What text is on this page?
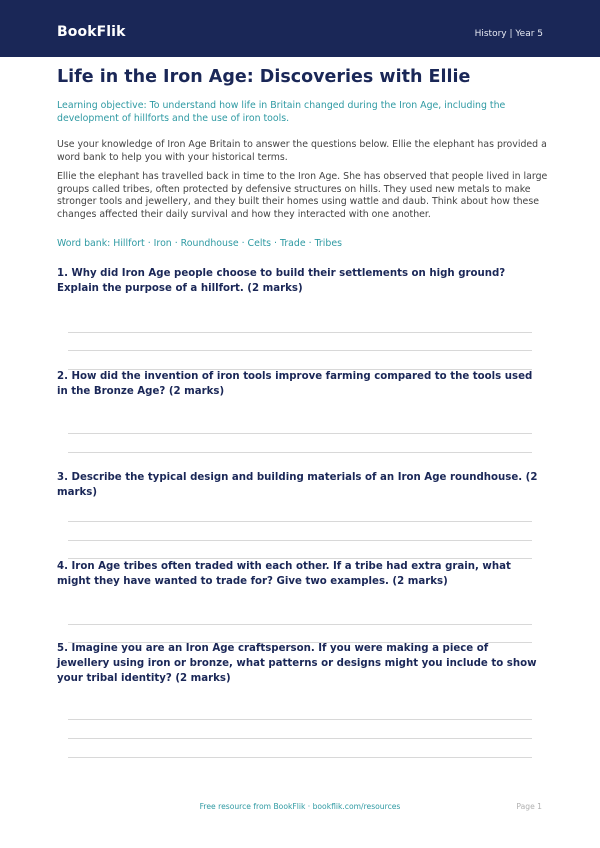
BookFlik	History | Year 5
Life in the Iron Age: Discoveries with Ellie
Learning objective: To understand how life in Britain changed during the Iron Age, including the development of hillforts and the use of iron tools.
Use your knowledge of Iron Age Britain to answer the questions below. Ellie the elephant has provided a word bank to help you with your historical terms.
Ellie the elephant has travelled back in time to the Iron Age. She has observed that people lived in large groups called tribes, often protected by defensive structures on hills. They used new metals to make stronger tools and jewellery, and they built their homes using wattle and daub. Think about how these changes affected their daily survival and how they interacted with one another.
Word bank: Hillfort · Iron · Roundhouse · Celts · Trade · Tribes
1. Why did Iron Age people choose to build their settlements on high ground? Explain the purpose of a hillfort. (2 marks)
2. How did the invention of iron tools improve farming compared to the tools used in the Bronze Age? (2 marks)
3. Describe the typical design and building materials of an Iron Age roundhouse. (2 marks)
4. Iron Age tribes often traded with each other. If a tribe had extra grain, what might they have wanted to trade for? Give two examples. (2 marks)
5. Imagine you are an Iron Age craftsperson. If you were making a piece of jewellery using iron or bronze, what patterns or designs might you include to show your tribal identity? (2 marks)
Free resource from BookFlik · bookflik.com/resources	Page 1
